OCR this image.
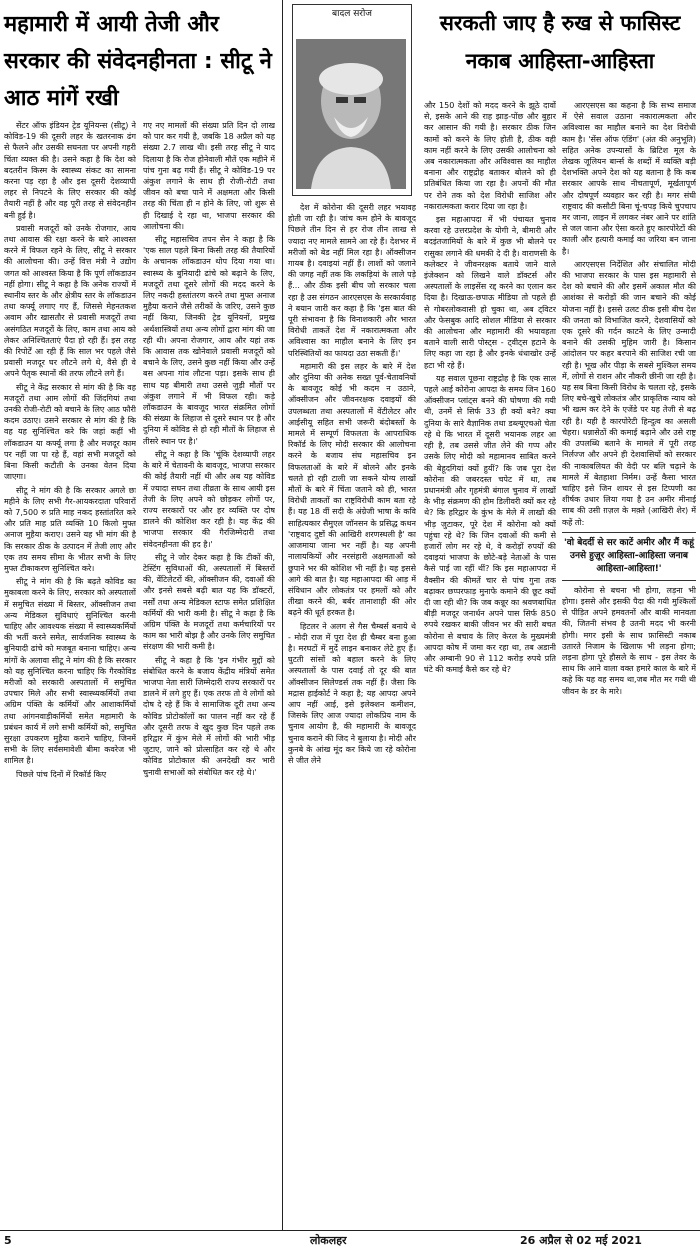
महामारी में आयी तेजी और सरकार की संवेदनहीनता : सीटू ने आठ मांगें रखी

सेंटर ऑफ इंडियन ट्रेड यूनियन्स (सीटू) ने कोविड-19 की दूसरी लहर के खतरनाक ढंग से फैलने और उसकी सघनता पर अपनी गहरी चिंता व्यक्त की है। उसने कहा है कि देश को बदतरीन किस्म के स्वास्थ्य संकट का सामना करना पड़ रहा है और इस दूसरी देशव्यापी लहर से निपटने के लिए सरकार की कोई तैयारी नहीं है और वह पूरी तरह से संवेदनहीन बनी हुई है।

प्रवासी मजदूरों को उनके रोजगार, आय तथा आवास की रक्षा करने के बारे आश्वस्त करने में विफल रहने के लिए, सीटू ने सरकार की आलोचना की। उन्हें वित्त मंत्री ने उद्योग जगत को आश्वस्त किया है कि पूर्ण लॉकडाउन नहीं होगा। सीटू ने कहा है कि अनेक राज्यों में स्थानीय स्तर के और क्षेत्रीय स्तर के लॉकडाउन तथा कर्फ्यू लगाए गए हैं, जिससे मेहनतकश अवाम और खासतौर से प्रवासी मजदूरों तथा असंगठित मजदूरों के लिए, काम तथा आय को लेकर अनिश्चितताएं पैदा हो रही हैं। इस तरह की रिपोर्टें आ रही हैं कि साल भर पहले जैसे प्रवासी मजदूर घर लौटने लगे थे, वैसे ही वे अपने पैतृक स्थानों की तरफ लौटने लगे हैं।

सीटू ने केंद्र सरकार से मांग की है कि वह मजदूरों तथा आम लोगों की जिंदगियां तथा उनकी रोजी-रोटी को बचाने के लिए आठ फौरी कदम उठाए। उसने सरकार से मांग की है कि वह यह सुनिश्चित करे कि जहां कहीं भी लॉकडाउन या कर्फ्यू लगा है और मजदूर काम पर नहीं जा पा रहे हैं, वहां सभी मजदूरों को बिना किसी कटौती के उनका वेतन दिया जाएगा।

सीटू ने मांग की है कि सरकार अगले छः महीने के लिए सभी गैर-आयकरदाता परिवारों को 7,500 रु प्रति माह नकद हस्तांतरित करे और प्रति माह प्रति व्यक्ति 10 किलो मुफ्त अनाज मुहैया कराए। उसने यह भी मांग की है कि सरकार ठीक के उत्पादन में तेजी लाए और एक तय समय सीमा के भीतर सभी के लिए मुफ्त टीकाकरण सुनिश्चित करे।

सीटू ने मांग की है कि बढ़ते कोविड का मुकाबला करने के लिए, सरकार को अस्पतालों में समुचित संख्या में बिस्तर, ऑक्सीजन तथा अन्य मेडिकल सुविधाएं सुनिश्चित करनी चाहिए और आवश्यक संख्या में स्वास्थ्यकर्मियों की भर्ती करने समेत, सार्वजनिक स्वास्थ्य के बुनियादी ढांचे को मजबूत बनाना चाहिए। अन्य मांगों के अलावा सीटू ने मांग की है कि सरकार को यह सुनिश्चित करना चाहिए कि गैरकोविड मरीजों को सरकारी अस्पतालों में समुचित उपचार मिले और सभी स्वास्थ्यकर्मियों तथा अग्रिम पंक्ति के कर्मियों और आशाकर्मियों तथा आंगनवाड़ीकर्मियों समेत महामारी के प्रबंधन कार्य में लगे सभी कर्मियों को, समुचित सुरक्षा उपकरण मुहैया कराने चाहिए, जिनमें सभी के लिए सर्वसमावेशी बीमा कवरेज भी शामिल है।

पिछले पांच दिनों में रिकॉर्ड किए

गए नए मामलों की संख्या प्रति दिन दो लाख को पार कर गयी है, जबकि 18 अप्रैल को यह संख्या 2.7 लाख थी। इसी तरह सीटू ने याद दिलाया है कि रोज होनेवाली मौतें एक महीने में पांच गुना बढ़ गयी हैं। सीटू ने कोविड-19 पर अंकुश लगाने के साथ ही रोजी-रोटी तथा जीवन को बचा पाने में अक्षमता और किसी तरह की चिंता ही न होने के लिए, जो शुरू से ही दिखाई दे रहा था, भाजपा सरकार की आलोचना की।

सीटू महासचिव तपन सेन ने कहा है कि 'एक साल पहले बिना किसी तरह की तैयारियों के अचानक लॉकडाउन थोप दिया गया था। स्वास्थ्य के बुनियादी ढांचे को बढ़ाने के लिए, मजदूरों तथा दूसरे लोगों की मदद करने के लिए नकदी हस्तांतरण करने तथा मुफ्त अनाज मुहैया कराने जैसे तरीकों के जरिए, उसने कुछ नहीं किया, जिनकी ट्रेड यूनियनों, प्रमुख अर्थशास्त्रियों तथा अन्य लोगों द्वारा मांग की जा रही थी। अपना रोजगार, आय और यहां तक कि आवास तक खोनेवाले प्रवासी मजदूरों को बचाने के लिए, उसने कुछ नहीं किया और उन्हें बस अपना गांव लौटना पड़ा। इसके साथ ही साथ यह बीमारी तथा उससे जुड़ी मौतों पर अंकुश लगाने में भी विफल रही। कड़े लॉकडाउन के बावजूद भारत संक्रमित लोगों की संख्या के लिहाज से दूसरे स्थान पर है और दुनिया में कोविड से हो रही मौतों के लिहाज से तीसरे स्थान पर है।'

सीटू ने कहा है कि 'चूंकि देशव्यापी लहर के बारे में चेतावनी के बावजूद, भाजपा सरकार की कोई तैयारी नहीं थी और अब यह कोविड में ज्यादा सघन तथा तीव्रता के साथ आयी इस तेजी के लिए अपने को छोड़कर लोगों पर, राज्य सरकारों पर और हर व्यक्ति पर दोष डालने की कोशिश कर रही है। यह केंद्र की भाजपा सरकार की गैरजिम्मेदारी तथा संवेदनहीनता की हद है।'

सीटू ने जोर देकर कहा है कि टीकों की, टेस्टिंग सुविधाओं की, अस्पतालों में बिस्तरों की, वेंटिलेटरों की, ऑक्सीजन की, दवाओं की और इनसे सबसे बढ़ी बात यह कि डॉक्टरों, नर्सों तथा अन्य मेडिकल स्टाफ समेत प्रशिक्षित कर्मियों की भारी कमी है। सीटू ने कहा है कि अग्रिम पंक्ति के मजदूरों तथा कर्मचारियों पर काम का भारी बोझ है और उनके लिए समुचित संरक्षण की भारी कमी है।

सीटू ने कहा है कि 'इन गंभीर मुद्दों को संबोधित करने के बजाय केंद्रीय मंत्रियों समेत भाजपा नेता सारी जिम्मेदारी राज्य सरकारों पर डालने में लगे हुए हैं। एक तरफ तो वे लोगों को दोष दे रहे हैं कि वे सामाजिक दूरी तथा अन्य कोविड प्रोटोकॉलों का पालन नहीं कर रहे हैं और दूसरी तरफ वे खुद कुछ दिन पहले तक हरिद्वार में कुंभ मेले में लोगों की भारी भीड़ जुटाए, जाने को प्रोत्साहित कर रहे थे और कोविड प्रोटोकाल की अनदेखी कर भारी चुनावी सभाओं को संबोधित कर रहे थे।'

बादल सरोज	सरकती जाए है रुख से फासिस्ट
नकाब आहिस्ता-आहिस्ता

देश में कोरोना की दूसरी लहर भयावह होती जा रही है। जांच कम होने के बावजूद पिछले तीन दिन से हर रोज तीन लाख से ज्यादा नए मामले सामने आ रहे हैं। देशभर में मरीजों को बेड नहीं मिल रहा है। ऑक्सीजन गायब है। दवाइयां नहीं हैं। लाशों को जलाने की जगह नहीं तक कि लकड़ियां के लाले पड़े हैं... और ठीक इसी बीच जो सरकार चला रहा है उस संगठन आरएसएस के सरकार्यवाह ने बयान जारी कर कहा है कि 'इस बात की पूरी संभावना है कि विनाशकारी और भारत विरोधी ताकतें देश में नकारात्मकता और अविश्वास का माहौल बनाने के लिए इन परिस्थितियों का फायदा उठा सकती हैं।'

महामारी की इस लहर के बारे में देश और दुनिया की अनेक सख्त पूर्व-चेतावनियों के बावजूद कोई भी कदम न उठाने, ऑक्सीजन और जीवनरक्षक दवाइयों की उपलब्धता तथा अस्पतालों में वेंटीलेटर और आईसीयू सहित सभी जरूरी बंदोबस्तों के मामले में सम्पूर्ण विफलता के आपराधिक रिकॉर्ड के लिए मोदी सरकार की आलोचना करने के बजाय संघ महासचिव इन विफलताओं के बारे में बोलने और इनके चलते हो रही टाली जा सकने योग्य लाखों मौतों के बारे में चिंता जताने को ही, भारत विरोधी ताकतों का राष्ट्रविरोधी काम बता रहे हैं। यह 18 वीं सदी के अंग्रेजी भाषा के कवि साहित्यकार सैमुएल जॉनसन के प्रसिद्ध कथन 'राष्ट्रवाद दुष्टों की आखिरी शरणस्थली है' का आजमाया जाना भर नहीं है। यह अपनी नालायकियों और नरसंहारी अक्षमताओं को छुपाने भर की कोशिश भी नहीं है। यह इससे आगे की बात है। यह महाआपदा की आड़ में संविधान और लोकतंत्र पर हमलों को और तीखा करने की, बर्बर तानाशाही की ओर बढ़ने की धूर्त हरकत है।

हिटलर ने अलग से गैस चैम्बर्स बनाये थे - मोदी राज में पूरा देश ही चैम्बर बना हुआ है। मरघटों में मुर्दे लाइन बनाकर लेटे हुए हैं। घुटती सांसों को बहाल करने के लिए अस्पतालों के पास दवाई तो दूर की बात ऑक्सीजन सिलेण्डर्स तक नहीं हैं। जैसा कि मद्रास हाईकोर्ट ने कहा है; यह आपदा अपने आप नहीं आई, इसे इलेक्शन कमीशन, जिसके लिए आज ज्यादा लोकप्रिय नाम कें चुनाव आयोग है, की महामारी के बावजूद चुनाव कराने की जिद ने बुलाया है। मोदी और कुनबे के आंख मूंद कर किये जा रहे कोरोना से जीत लेने

और 150 देशों को मदद करने के झूठे दावों से, इसके आने की राह झाड़-पोंछ और बुहार कर आसान की गयी है। सरकार ठीक जिन कामों को करने के लिए होती है, ठीक वही काम नहीं करने के लिए उसकी आलोचना को अब नकारात्मकता और अविश्वास का माहौल बनाना और राष्ट्रद्रोह बताकर बोलने को ही प्रतिबंधित किया जा रहा है। अपनों की मौत पर रोने तक को देश विरोधी साजिश और नकारात्मकता करार दिया जा रहा है।

इस महाआपदा में भी पंचायत चुनाव करवा रहे उत्तरप्रदेश के योगी ने, बीमारी और बदइंतजामियों के बारे में कुछ भी बोलने पर रासुका लगाने की धमकी दे दी है। वाराणसी के कलेक्टर ने जीवनरक्षक बताये जाने वाले इंजेक्शन को लिखने वाले डॉक्टर्स और अस्पतालों के लाइसेंस रद्द करने का एलान कर दिया है। दिखाऊ-छपाऊ मीडिया तो पहले ही से गोबरलोकवासी हो चुका था, अब ट्विटर और फेसबुक आदि सोशल मीडिया से सरकार की आलोचना और महामारी की भयावहता बताने वाली सारी पोस्ट्स - ट्वीट्स हटाने के लिए कहा जा रहा है और इनके धंधाखोर उन्हें हटा भी रहे हैं।

यह सवाल पूछना राष्ट्रद्रोह है कि एक साल पहले आई कोरोना आपदा के समय जिन 160 ऑक्सीजन प्लांट्स बनने की घोषणा की गयी थी, उनमें से सिर्फ 33 ही क्यों बने? क्या दुनिया के सारे वैज्ञानिक तथा डब्ल्यूएचओ चेता रहे थे कि भारत में दूसरी भयानक लहर आ रही है, तब उससे जीत लेने की गप्प और उसके लिए मोदी को महामानव साबित करने की बेहूदगियां क्यों हुयीं? कि जब पूरा देश कोरोना की जबरदस्त चपेट में था, तब प्रधानमंत्री और गृहमंत्री बंगाल चुनाव में लाखों के भीड़ संक्रमण की होम डिलीवरी क्यों कर रहे थे? कि हरिद्वार के कुंभ के मेले में लाखों की भीड़ जुटाकर, पूरे देश में कोरोना को क्यों पहुंचा रहे थे? कि जिन दवाओं की कमी से हजारों लोग मर रहे थे, वे करोड़ों रुपयों की दवाइयां भाजपा के छोटे-बड़े नेताओं के पास कैसे पाई जा रहीं थीं? कि इस महाआपदा में वैक्सीन की कीमतें चार से पांच गुना तक बढ़ाकर छप्परफाड़ मुनाफे कमाने की छूट क्यों दी जा रही थी? कि जब कन्नूर का श्रवणबाधित बीड़ी मजदूर जनार्धन अपने पास सिर्फ 850 रुपये रखकर बाकी जीवन भर की सारी बचत कोरोना से बचाव के लिए केरल के मुख्यमंत्री आपदा कोष में जमा कर रहा था, तब अडानी और अम्बानी 90 से 112 करोड़ रुपये प्रति घंटे की कमाई कैसे कर रहे थे?

आरएसएस का कहना है कि सभ्य समाज में ऐसे सवाल उठाना नकारात्मकता और अविश्वास का माहौल बनाने का देश विरोधी काम है। 'सेंस ऑफ एंडिंग' (अंत की अनुभूति) सहित अनेक उपन्यासों के ब्रिटिश मूल के लेखक जूलियन बार्न्स के शब्दों में व्यक्ति बड़ी देशभक्ति अपने देश को यह बताना है कि कब सरकार आपके साथ नीचतापूर्ण, मूर्खतापूर्ण और दोषपूर्ण व्यवहार कर रही है। मगर संघी राष्ट्रवाद की कसौटी बिना चूं-चपड़ किये चुपचाप मर जाना, लाइन में लगकर नंबर आने पर शांति से जल जाना और ऐसा करते हुए कारपोरेटों की काली और हत्यारी कमाई का जरिया बन जाना है।

आरएसएस निर्देशित और संचालित मोदी की भाजपा सरकार के पास इस महामारी से देश को बचाने की और इसमें अकाल मौत की आशंका से करोड़ों की जान बचाने की कोई योजना नहीं है। इससे उलट ठीक इसी बीच देश की जनता को विभाजित करने, देशवासियों को एक दूसरे की गर्दन काटने के लिए उन्मादी बनाने की उसकी मुहिम जारी है। किसान आंदोलन पर कहर बरपाने की साजिश रची जा रही है। भूख और पीड़ा के सबसे मुश्किल समय में, लोगों से राशन और नौकरी छीनी जा रही है। यह सब बिना किसी विरोध के चलता रहे, इसके लिए बचे-खुचे लोकतंत्र और प्राकृतिक न्याय को भी खत्म कर देने के एजेंडे पर यह तेजी से बढ़ रही है। यही है कारपोरेटी हिन्दुत्व का असली चेहरा। धन्नासेठों की कमाई बढ़ाने और उसे राष्ट्र की उपलब्धि बताने के मामले में पूरी तरह निर्लज्ज और अपने ही देशवासियों को सरकार की नाकाबलियत की वेदी पर बलि चढ़ाने के मामले में बेतहाशा निर्मम। उन्हें कैसा भारत चाहिए इसे जिन शायर से इस टिप्पणी का शीर्षक उधार लिया गया है उन अमीर मीनाई साब की उसी ग़ज़ल के मक़्ते (आखिरी शेर) में कहें तो:

'वो बेदर्दी से सर काटें अमीर और मैं कहूं उनसे हुज़ूर आहिस्ता-आहिस्ता जनाब आहिस्ता-आहिस्ता!'

कोरोना से बचना भी होगा, लड़ना भी होगा। इससे और इसकी पैदा की गयी मुश्किलों से पीड़ित अपने हमवतनों और बाकी मानवता की, जितनी संभव है उतनी मदद भी करनी होगी। मगर इसी के साथ फ़ासिस्टी नकाब उतारते निजाम के खिलाफ भी लड़ना होगा; लड़ना होगा पूरे हौसले के साथ - इस तेवर के साथ कि आने वाला वक्त हमारे काल के बारे में कहे कि यह वह समय था,जब मौत मर गयी थी जीवन के डर के मारे।

5	लोकलहर	26 अप्रैल से 02 मई 2021
